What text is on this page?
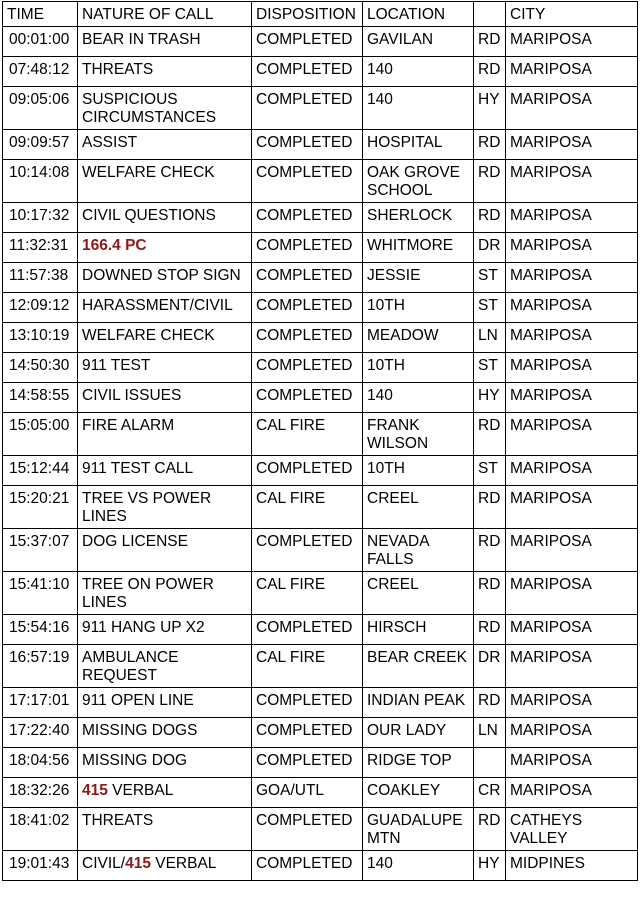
TIME	NATURE OF CALL	DISPOSITION	LOCATION		CITY
00:01:00	BEAR IN TRASH	COMPLETED	GAVILAN	RD	MARIPOSA
07:48:12	THREATS	COMPLETED	140	RD	MARIPOSA
09:05:06	SUSPICIOUS CIRCUMSTANCES	COMPLETED	140	HY	MARIPOSA
09:09:57	ASSIST	COMPLETED	HOSPITAL	RD	MARIPOSA
10:14:08	WELFARE CHECK	COMPLETED	OAK GROVE SCHOOL	RD	MARIPOSA
10:17:32	CIVIL QUESTIONS	COMPLETED	SHERLOCK	RD	MARIPOSA
11:32:31	166.4 PC	COMPLETED	WHITMORE	DR	MARIPOSA
11:57:38	DOWNED STOP SIGN	COMPLETED	JESSIE	ST	MARIPOSA
12:09:12	HARASSMENT/CIVIL	COMPLETED	10TH	ST	MARIPOSA
13:10:19	WELFARE CHECK	COMPLETED	MEADOW	LN	MARIPOSA
14:50:30	911 TEST	COMPLETED	10TH	ST	MARIPOSA
14:58:55	CIVIL ISSUES	COMPLETED	140	HY	MARIPOSA
15:05:00	FIRE ALARM	CAL FIRE	FRANK WILSON	RD	MARIPOSA
15:12:44	911 TEST CALL	COMPLETED	10TH	ST	MARIPOSA
15:20:21	TREE VS POWER LINES	CAL FIRE	CREEL	RD	MARIPOSA
15:37:07	DOG LICENSE	COMPLETED	NEVADA FALLS	RD	MARIPOSA
15:41:10	TREE ON POWER LINES	CAL FIRE	CREEL	RD	MARIPOSA
15:54:16	911 HANG UP X2	COMPLETED	HIRSCH	RD	MARIPOSA
16:57:19	AMBULANCE REQUEST	CAL FIRE	BEAR CREEK	DR	MARIPOSA
17:17:01	911 OPEN LINE	COMPLETED	INDIAN PEAK	RD	MARIPOSA
17:22:40	MISSING DOGS	COMPLETED	OUR LADY	LN	MARIPOSA
18:04:56	MISSING DOG	COMPLETED	RIDGE TOP		MARIPOSA
18:32:26	415 VERBAL	GOA/UTL	COAKLEY	CR	MARIPOSA
18:41:02	THREATS	COMPLETED	GUADALUPE MTN	RD	CATHEYS VALLEY
19:01:43	CIVIL/415 VERBAL	COMPLETED	140	HY	MIDPINES
